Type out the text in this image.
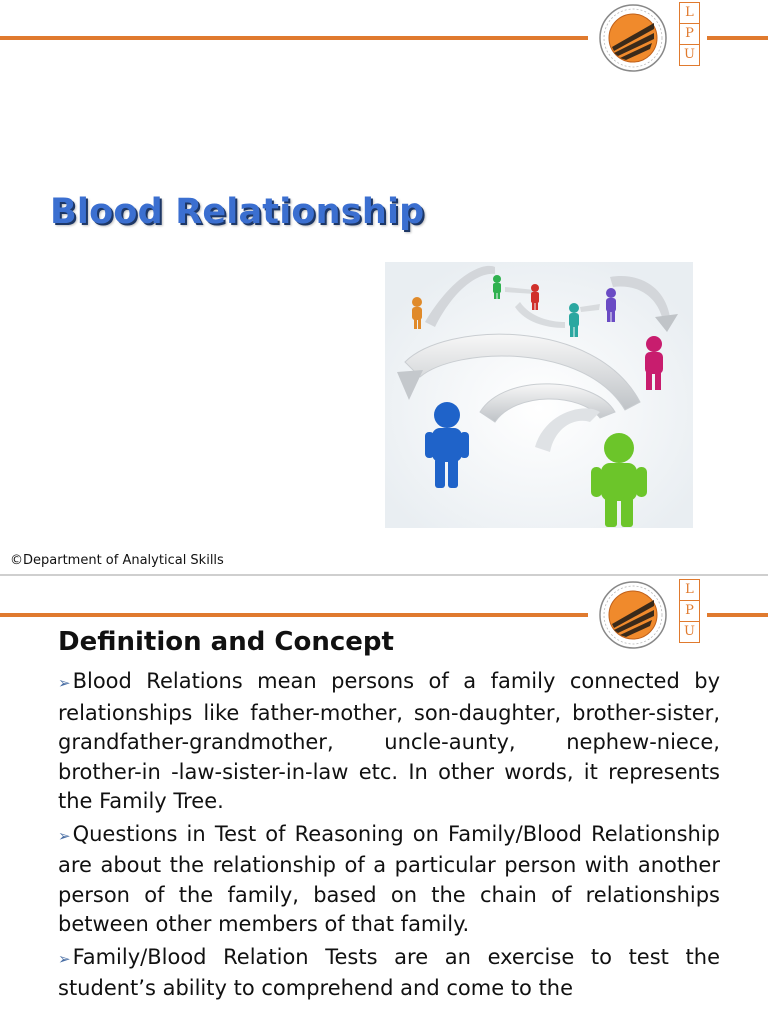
L
P
U
Blood Relationship
©Department of Analytical Skills
L
P
U
Definition and Concept

➢Blood Relations mean persons of a family connected by relationships like father-mother, son-daughter, brother-sister, grandfather-grandmother, uncle-aunty, nephew-niece, brother-in -law-sister-in-law etc. In other words, it represents the Family Tree.

➢Questions in Test of Reasoning on Family/Blood Relationship are about the relationship of a particular person with another person of the family, based on the chain of relationships between other members of that family.

➢Family/Blood Relation Tests are an exercise to test the student’s ability to comprehend and come to the
